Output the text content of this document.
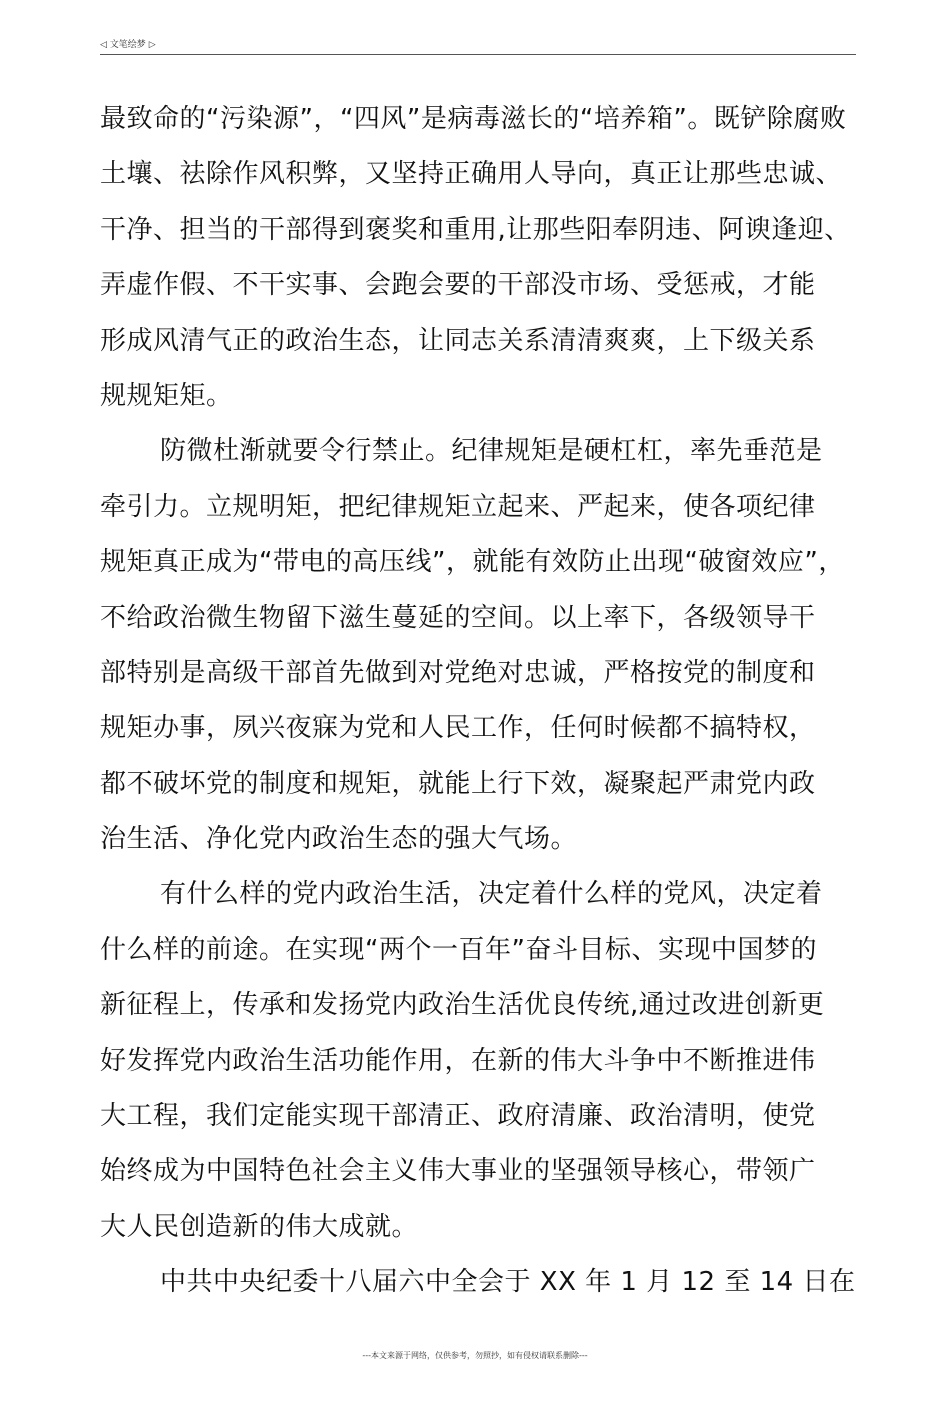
◁ 文笔绘梦 ▷
最致命的“污染源”，“四风”是病毒滋长的“培养箱”。既铲除腐败
土壤、祛除作风积弊，又坚持正确用人导向，真正让那些忠诚、
干净、担当的干部得到褒奖和重用,让那些阳奉阴违、阿谀逢迎、
弄虚作假、不干实事、会跑会要的干部没市场、受惩戒，才能
形成风清气正的政治生态，让同志关系清清爽爽，上下级关系
规规矩矩。
防微杜渐就要令行禁止。纪律规矩是硬杠杠，率先垂范是
牵引力。立规明矩，把纪律规矩立起来、严起来，使各项纪律
规矩真正成为“带电的高压线”，就能有效防止出现“破窗效应”，
不给政治微生物留下滋生蔓延的空间。以上率下，各级领导干
部特别是高级干部首先做到对党绝对忠诚，严格按党的制度和
规矩办事，夙兴夜寐为党和人民工作，任何时候都不搞特权，
都不破坏党的制度和规矩，就能上行下效，凝聚起严肃党内政
治生活、净化党内政治生态的强大气场。
有什么样的党内政治生活，决定着什么样的党风，决定着
什么样的前途。在实现“两个一百年”奋斗目标、实现中国梦的
新征程上，传承和发扬党内政治生活优良传统,通过改进创新更
好发挥党内政治生活功能作用，在新的伟大斗争中不断推进伟
大工程，我们定能实现干部清正、政府清廉、政治清明，使党
始终成为中国特色社会主义伟大事业的坚强领导核心，带领广
大人民创造新的伟大成就。
中共中央纪委十八届六中全会于 XX 年 1 月 12 至 14 日在
---本文来源于网络，仅供参考，勿照抄，如有侵权请联系删除---
